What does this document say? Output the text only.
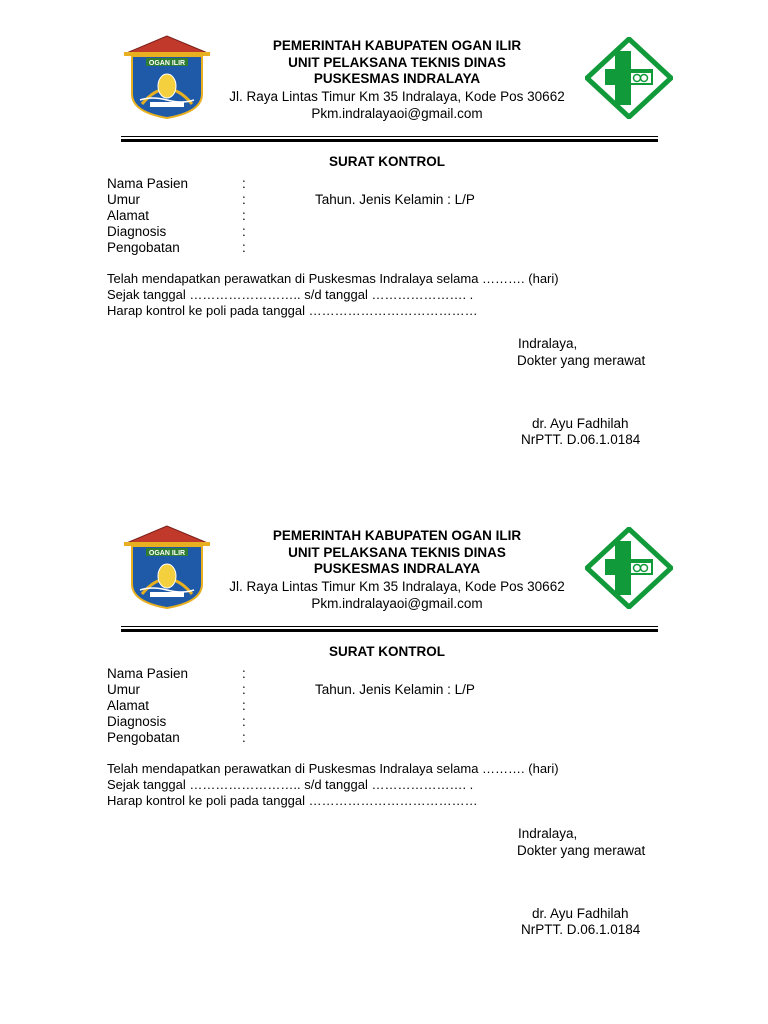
OGAN ILIR
PEMERINTAH KABUPATEN OGAN ILIR
UNIT PELAKSANA TEKNIS DINAS
PUSKESMAS INDRALAYA
Jl. Raya Lintas Timur Km 35 Indralaya, Kode Pos 30662
Pkm.indralayaoi@gmail.com
SURAT KONTROL
Nama Pasien	:
Umur	:	Tahun. Jenis Kelamin : L/P
Alamat	:
Diagnosis	:
Pengobatan	:
Telah mendapatkan perawatkan di Puskesmas Indralaya selama ………. (hari)
Sejak tanggal …………………….. s/d tanggal …………………. .
Harap kontrol ke poli pada tanggal …………………………………
Indralaya,
Dokter yang merawat
dr. Ayu Fadhilah
NrPTT. D.06.1.0184
OGAN ILIR
PEMERINTAH KABUPATEN OGAN ILIR
UNIT PELAKSANA TEKNIS DINAS
PUSKESMAS INDRALAYA
Jl. Raya Lintas Timur Km 35 Indralaya, Kode Pos 30662
Pkm.indralayaoi@gmail.com
SURAT KONTROL
Nama Pasien	:
Umur	:	Tahun. Jenis Kelamin : L/P
Alamat	:
Diagnosis	:
Pengobatan	:
Telah mendapatkan perawatkan di Puskesmas Indralaya selama ………. (hari)
Sejak tanggal …………………….. s/d tanggal …………………. .
Harap kontrol ke poli pada tanggal …………………………………
Indralaya,
Dokter yang merawat
dr. Ayu Fadhilah
NrPTT. D.06.1.0184
